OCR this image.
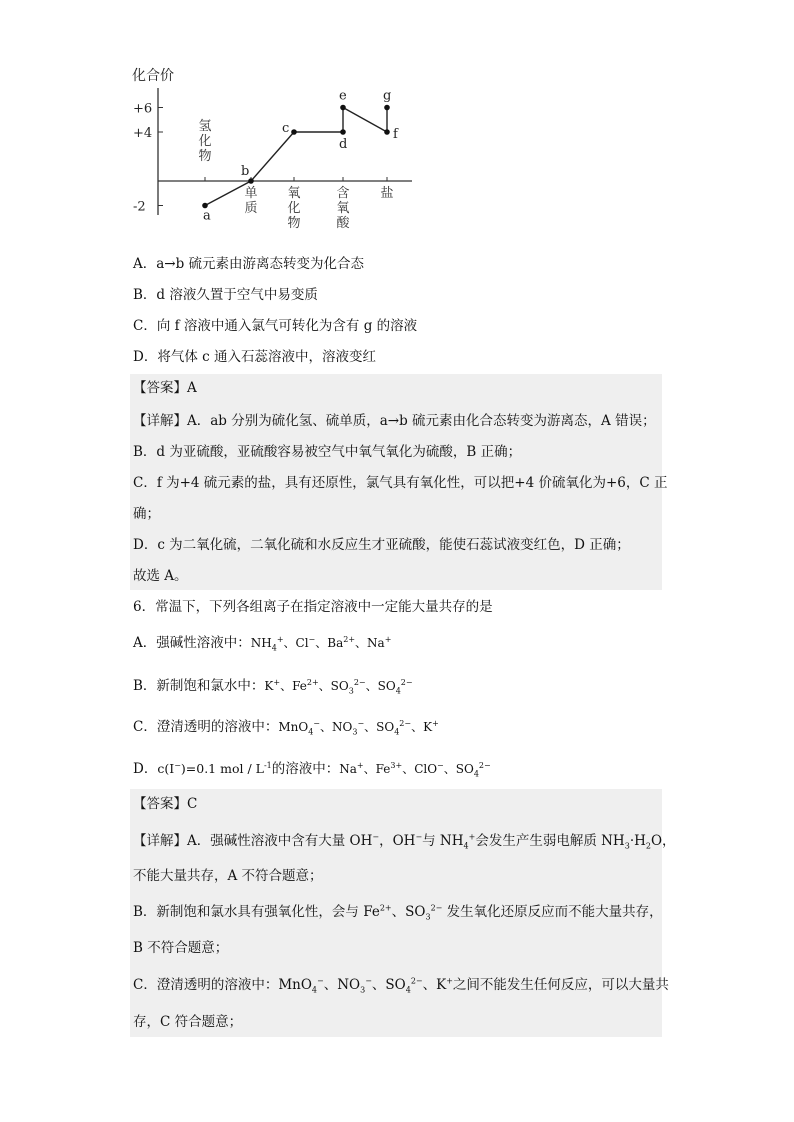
化合价
+6
+4
-2
氢
化
物
单
质
氧
化
物
含
氧
酸
盐
a
b
c
d
e
f
g
A．a→b 硫元素由游离态转变为化合态
B．d 溶液久置于空气中易变质
C．向 f 溶液中通入氯气可转化为含有 g 的溶液
D．将气体 c 通入石蕊溶液中，溶液变红
【答案】A
【详解】A．ab 分别为硫化氢、硫单质，a→b 硫元素由化合态转变为游离态，A 错误；
B．d 为亚硫酸，亚硫酸容易被空气中氧气氧化为硫酸，B 正确；
C．f 为+4 硫元素的盐，具有还原性，氯气具有氧化性，可以把+4 价硫氧化为+6，C 正
确；
D．c 为二氧化硫，二氧化硫和水反应生才亚硫酸，能使石蕊试液变红色，D 正确；
故选 A。
6．常温下，下列各组离子在指定溶液中一定能大量共存的是
A．强碱性溶液中：$NH_4^+$、Cl−、$Ba^{2+}$、Na+
B．新制饱和氯水中：K+、$Fe^{2+}$、$SO_3^{2-}$、$SO_4^{2-}$
C．澄清透明的溶液中：MnO$_4$−、$NO_3^-$、$SO_4^{2-}$、K+
D．c(I−)=0.1 mol / $L^{-1}$的溶液中：Na+、$Fe^{3+}$、ClO−、$SO_4^{2-}$
【答案】C
【详解】A．强碱性溶液中含有大量 OH−，OH−与 $NH_4^+$会发生产生弱电解质 $NH_3\cdot H_2O$，
不能大量共存，A 不符合题意；
B．新制饱和氯水具有强氧化性，会与 $Fe^{2+}$、$SO_3^{2-}$ 发生氧化还原反应而不能大量共存，
B 不符合题意；
C．澄清透明的溶液中：MnO$_4$−、$NO_3^-$、$SO_4^{2-}$、K+之间不能发生任何反应，可以大量共
存，C 符合题意；
